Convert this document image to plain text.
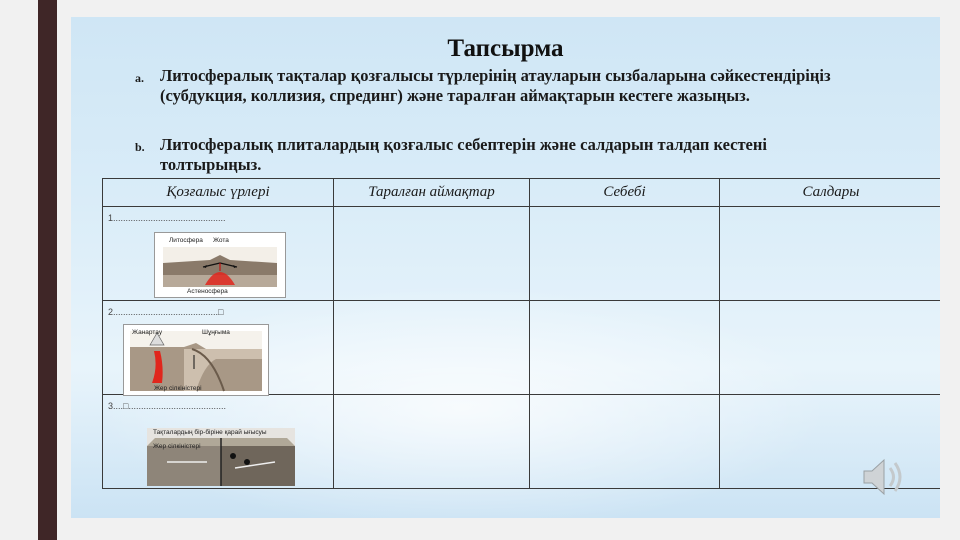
Тапсырма
a. Литосфералық тақталар қозғалысы түрлерінің атауларын сызбаларына сәйкестендіріңіз (субдукция, коллизия, спрединг) және таралған аймақтарын кестеге жазыңыз.
b. Литосфералық плиталардың қозғалыс себептерін және салдарын талдап кестені толтырыңыз.
Қозғалыс үрлері	Таралған аймақтар	Себебі	Салдары

1.............................................
Литосфера Жота
Астеносфера			

2..........................................□
Жанартау Шұңғыма
Жер сілкіністері			

3....□.......................................
Тақталардың бір-біріне қарай ығысуы
Жер сілкіністері			
